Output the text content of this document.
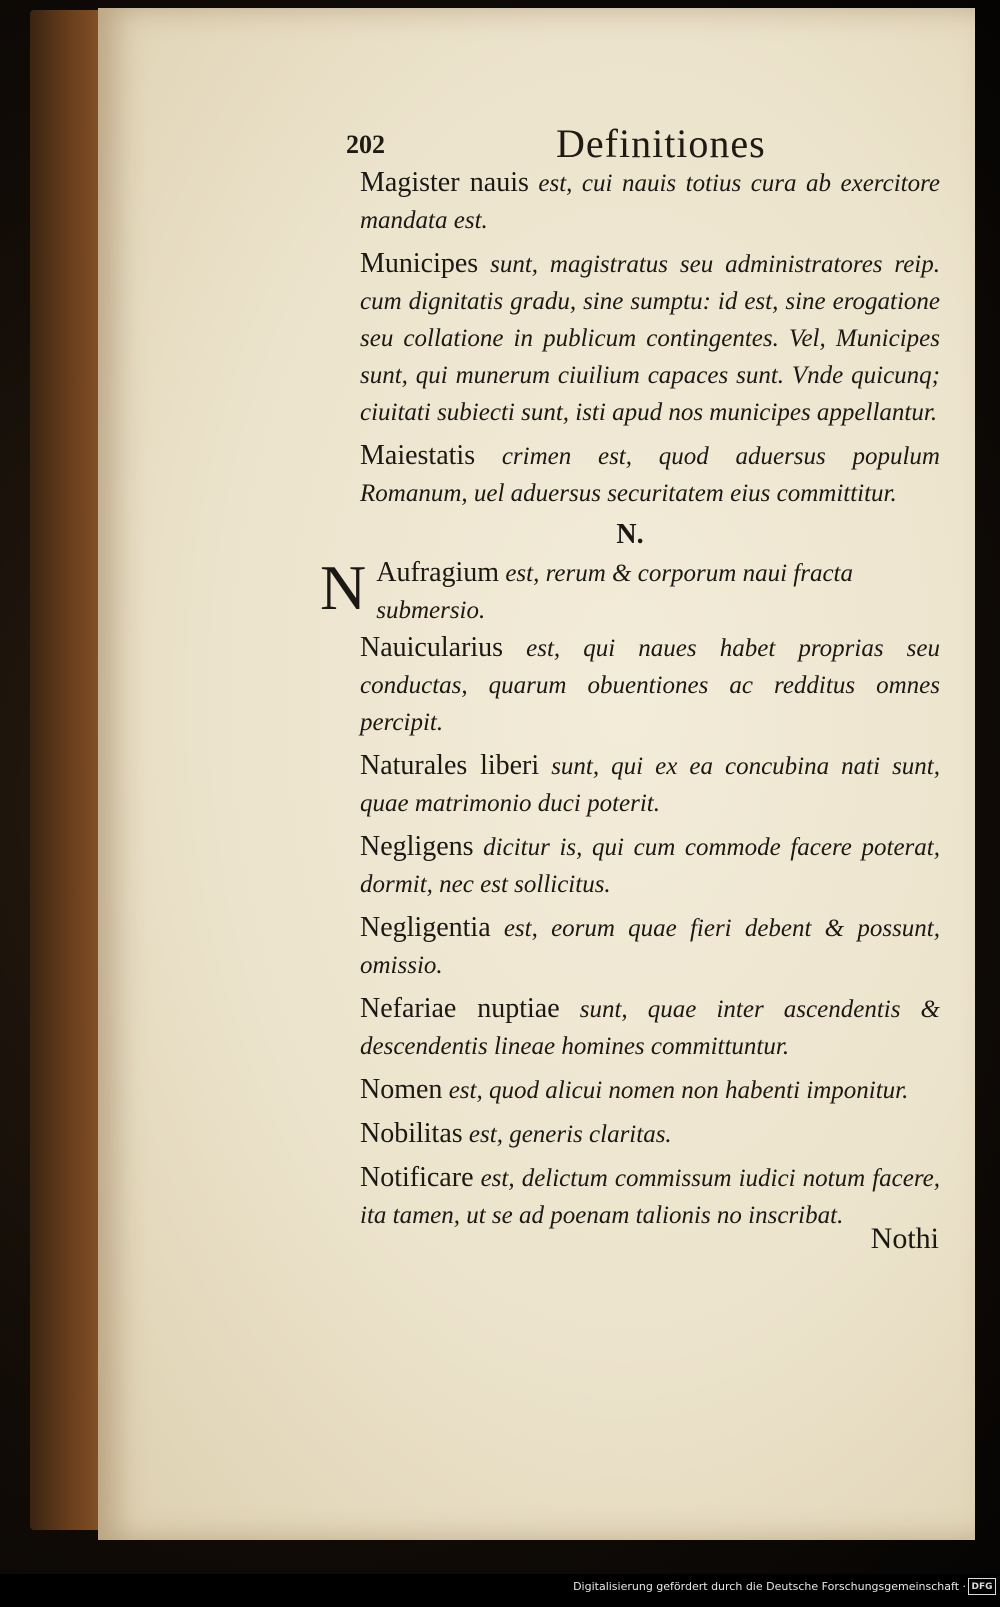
202	Definitiones

Magister nauis est, cui nauis totius cura ab exercitore mandata est.

Municipes sunt, magistratus seu administratores reip. cum dignitatis gradu, sine sumptu: id est, sine erogatione seu collatione in publicum contingentes. Vel, Municipes sunt, qui munerum ciuilium capaces sunt. Vnde quicunq; ciuitati subiecti sunt, isti apud nos municipes appellantur.

Maiestatis crimen est, quod aduersus populum Romanum, uel aduersus securitatem eius committitur.

N.
N Aufragium est, rerum & corporum naui fracta submersio.

Nauicularius est, qui naues habet proprias seu conductas, quarum obuentiones ac redditus omnes percipit.

Naturales liberi sunt, qui ex ea concubina nati sunt, quae matrimonio duci poterit.

Negligens dicitur is, qui cum commode facere poterat, dormit, nec est sollicitus.

Negligentia est, eorum quae fieri debent & possunt, omissio.

Nefariae nuptiae sunt, quae inter ascendentis & descendentis lineae homines committuntur.

Nomen est, quod alicui nomen non habenti imponitur.

Nobilitas est, generis claritas.

Notificare est, delictum commissum iudici notum facere, ita tamen, ut se ad poenam talionis no inscribat.

Nothi
Digitalisierung gefördert durch die Deutsche Forschungsgemeinschaft · DFG
